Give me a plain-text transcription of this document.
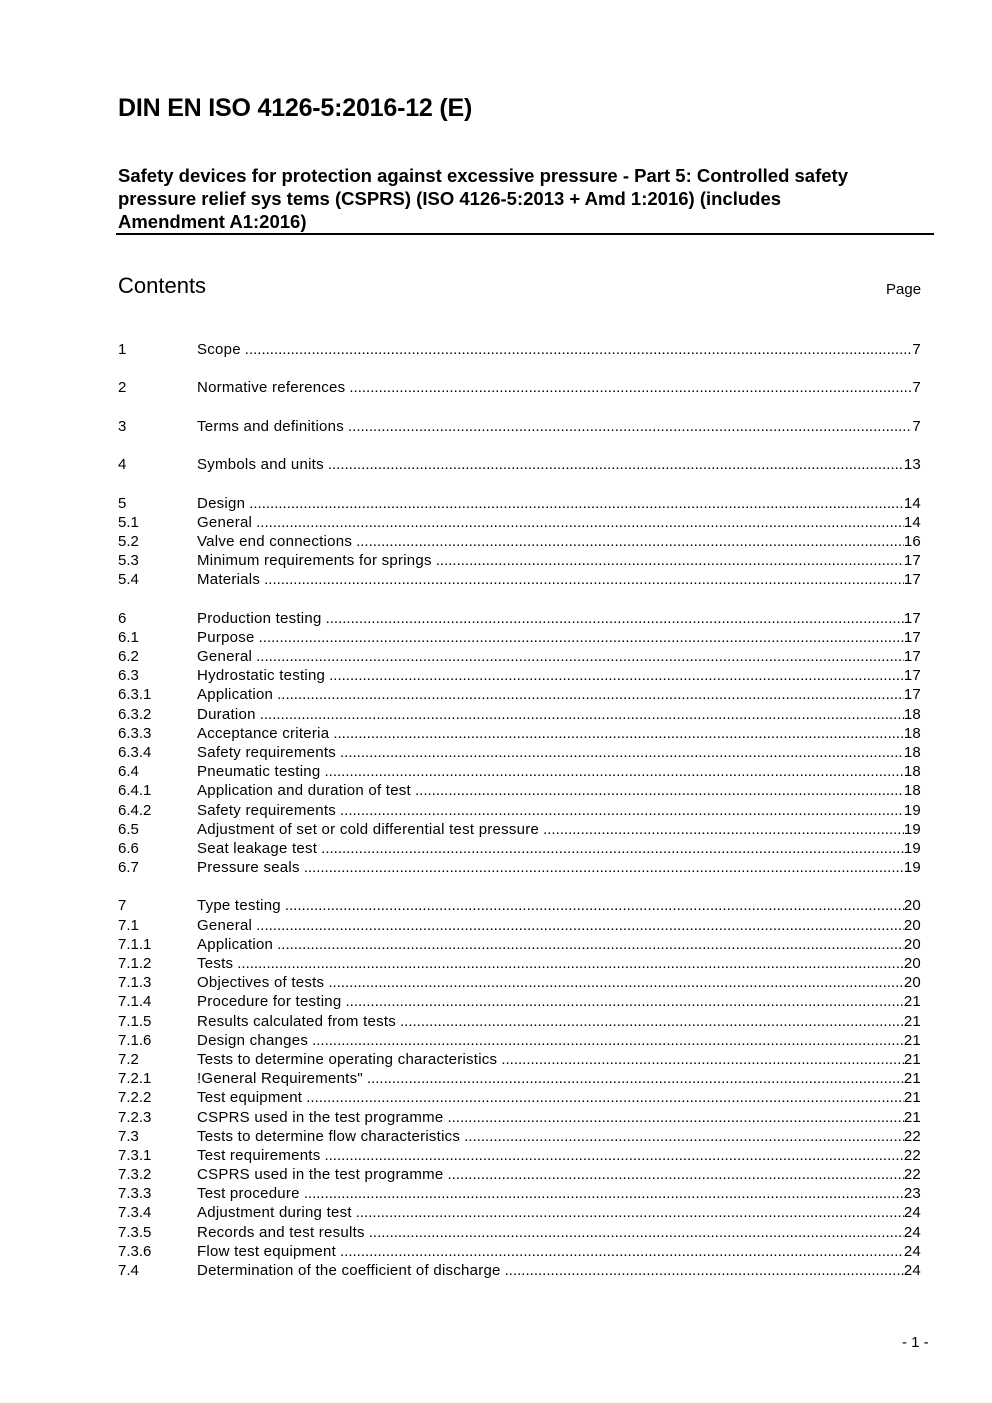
DIN EN ISO 4126-5:2016-12 (E)
Safety devices for protection against excessive pressure - Part 5: Controlled safety
pressure relief sys tems (CSPRS) (ISO 4126-5:2013 + Amd 1:2016) (includes
Amendment A1:2016)
Contents	Page
1	Scope .....	7
2	Normative references .....	7
3	Terms and definitions .....	7
4	Symbols and units .....	13
5	Design .....	14
5.1	General .....	14
5.2	Valve end connections .....	16
5.3	Minimum requirements for springs .....	17
5.4	Materials .....	17
6	Production testing .....	17
6.1	Purpose .....	17
6.2	General .....	17
6.3	Hydrostatic testing .....	17
6.3.1	Application .....	17
6.3.2	Duration .....	18
6.3.3	Acceptance criteria .....	18
6.3.4	Safety requirements .....	18
6.4	Pneumatic testing .....	18
6.4.1	Application and duration of test .....	18
6.4.2	Safety requirements .....	19
6.5	Adjustment of set or cold differential test pressure .....	19
6.6	Seat leakage test .....	19
6.7	Pressure seals .....	19
7	Type testing .....	20
7.1	General .....	20
7.1.1	Application .....	20
7.1.2	Tests .....	20
7.1.3	Objectives of tests .....	20
7.1.4	Procedure for testing .....	21
7.1.5	Results calculated from tests .....	21
7.1.6	Design changes .....	21
7.2	Tests to determine operating characteristics .....	21
7.2.1	!General Requirements" .....	21
7.2.2	Test equipment .....	21
7.2.3	CSPRS used in the test programme .....	21
7.3	Tests to determine flow characteristics .....	22
7.3.1	Test requirements .....	22
7.3.2	CSPRS used in the test programme .....	22
7.3.3	Test procedure .....	23
7.3.4	Adjustment during test .....	24
7.3.5	Records and test results .....	24
7.3.6	Flow test equipment .....	24
7.4	Determination of the coefficient of discharge .....	24
- 1 -
